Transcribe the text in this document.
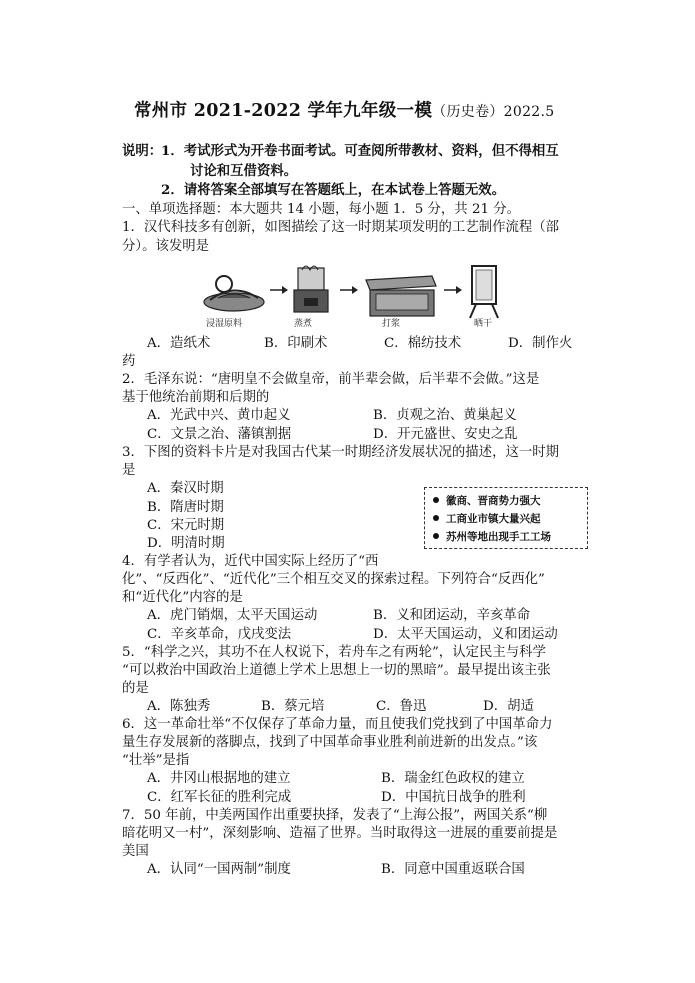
常州市 2021-2022 学年九年级一模（历史卷）2022.5
说明：
1．考试形式为开卷书面考试。可查阅所带教材、资料，但不得相互
讨论和互借资料。
2．请将答案全部填写在答题纸上，在本试卷上答题无效。
一、单项选择题：本大题共 14 小题，每小题 1．5 分，共 21 分。
1．汉代科技多有创新，如图描绘了这一时期某项发明的工艺制作流程（部
分）。该发明是
浸湿原料	蒸煮	打浆	晒干
A．造纸术	B．印刷术	C．棉纺技术	D．制作火
药
2．毛泽东说：“唐明皇不会做皇帝，前半辈会做，后半辈不会做。”这是
基于他统治前期和后期的
A．光武中兴、黄巾起义	B．贞观之治、黄巢起义
C．文景之治、藩镇割据	D．开元盛世、安史之乱
3．下图的资料卡片是对我国古代某一时期经济发展状况的描述，这一时期
是
A．秦汉时期
B．隋唐时期
C．宋元时期
D．明清时期
徽商、晋商势力强大
工商业市镇大量兴起
苏州等地出现手工工场
4．有学者认为，近代中国实际上经历了“西
化”、“反西化”、“近代化”三个相互交叉的探索过程。下列符合“反西化”
和“近代化”内容的是
A．虎门销烟，太平天国运动	B．义和团运动，辛亥革命
C．辛亥革命，戊戌变法	D．太平天国运动，义和团运动
5．“科学之兴，其功不在人权说下，若舟车之有两轮”，认定民主与科学
“可以救治中国政治上道德上学术上思想上一切的黑暗”。最早提出该主张
的是
A．陈独秀	B．蔡元培	C．鲁迅	D．胡适
6．这一革命壮举“不仅保存了革命力量，而且使我们党找到了中国革命力
量生存发展新的落脚点，找到了中国革命事业胜利前进新的出发点。”该
“壮举”是指
A．井冈山根据地的建立	B．瑞金红色政权的建立
C．红军长征的胜利完成	D．中国抗日战争的胜利
7．50 年前，中美两国作出重要抉择，发表了“上海公报”，两国关系“柳
暗花明又一村”，深刻影响、造福了世界。当时取得这一进展的重要前提是
美国
A．认同“一国两制”制度	B．同意中国重返联合国
